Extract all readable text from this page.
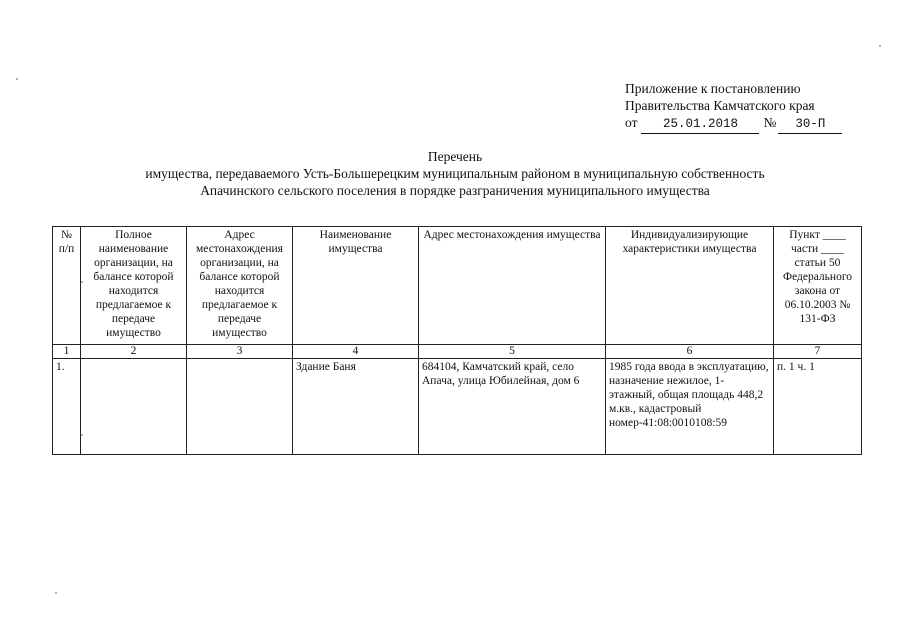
Приложение к постановлению
Правительства Камчатского края
от 25.01.2018 № 30-П
Перечень
имущества, передаваемого Усть-Большерецким муниципальным районом в муниципальную собственность
Апачинского сельского поселения в порядке разграничения муниципального имущества
№ п/п	Полное наименование организации, на балансе которой находится предлагаемое к передаче имущество	Адрес местонахождения организации, на балансе которой находится предлагаемое к передаче имущество	Наименование имущества	Адрес местонахождения имущества	Индивидуализирующие характеристики имущества	Пункт ____ части ____ статьи 50 Федерального закона от 06.10.2003 № 131-ФЗ
1	2	3	4	5	6	7
1.			Здание Баня	684104, Камчатский край, село Апача, улица Юбилейная, дом 6	1985 года ввода в эксплуатацию, назначение нежилое, 1-этажный, общая площадь 448,2 м.кв., кадастровый номер-41:08:0010108:59	п. 1 ч. 1
